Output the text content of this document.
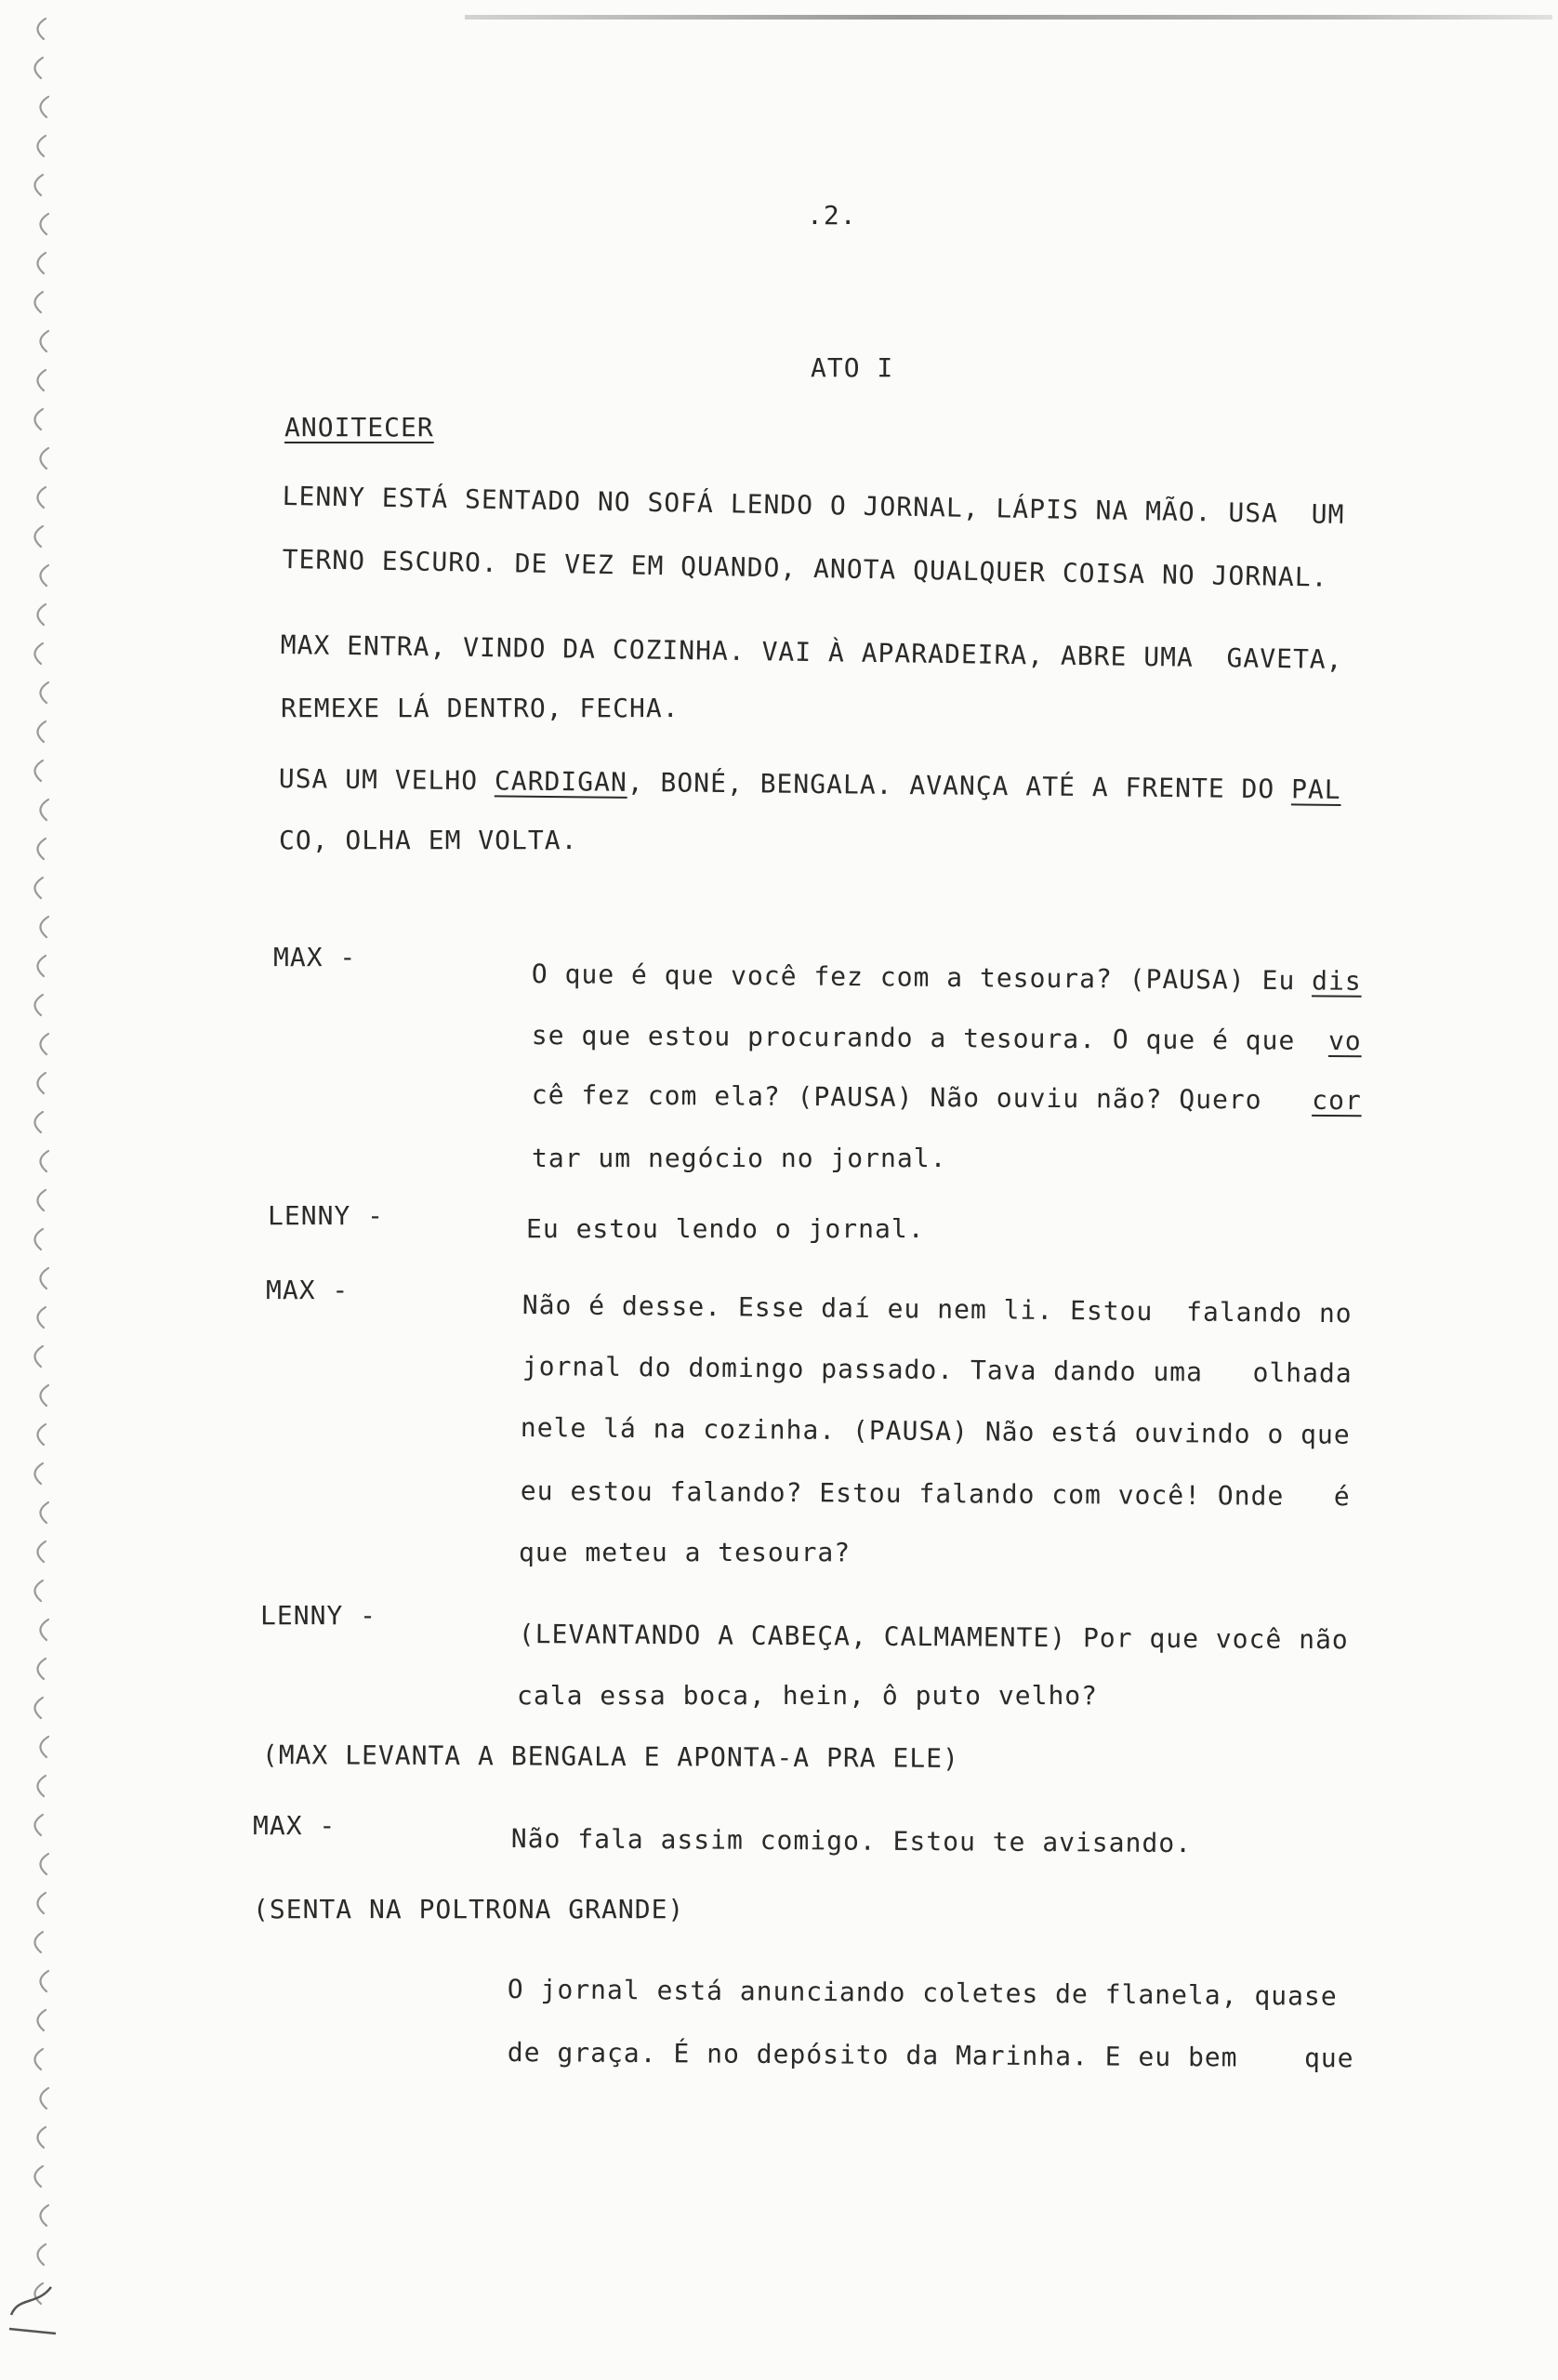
.2.
ATO I
ANOITECER
LENNY ESTÁ SENTADO NO SOFÁ LENDO O JORNAL, LÁPIS NA MÃO. USA  UM
TERNO ESCURO. DE VEZ EM QUANDO, ANOTA QUALQUER COISA NO JORNAL.
MAX ENTRA, VINDO DA COZINHA. VAI À APARADEIRA, ABRE UMA  GAVETA,
REMEXE LÁ DENTRO, FECHA.
USA UM VELHO CARDIGAN, BONÉ, BENGALA. AVANÇA ATÉ A FRENTE DO PAL
CO, OLHA EM VOLTA.
MAX -
O que é que você fez com a tesoura? (PAUSA) Eu dis
se que estou procurando a tesoura. O que é que  vo
cê fez com ela? (PAUSA) Não ouviu não? Quero   cor
tar um negócio no jornal.
LENNY -	Eu estou lendo o jornal.
MAX -	Não é desse. Esse daí eu nem li. Estou  falando no
jornal do domingo passado. Tava dando uma   olhada
nele lá na cozinha. (PAUSA) Não está ouvindo o que
eu estou falando? Estou falando com você! Onde   é
que meteu a tesoura?
LENNY -
(LEVANTANDO A CABEÇA, CALMAMENTE) Por que você não
cala essa boca, hein, ô puto velho?
(MAX LEVANTA A BENGALA E APONTA-A PRA ELE)
MAX -	Não fala assim comigo. Estou te avisando.
(SENTA NA POLTRONA GRANDE)
O jornal está anunciando coletes de flanela, quase
de graça. É no depósito da Marinha. E eu bem    que
